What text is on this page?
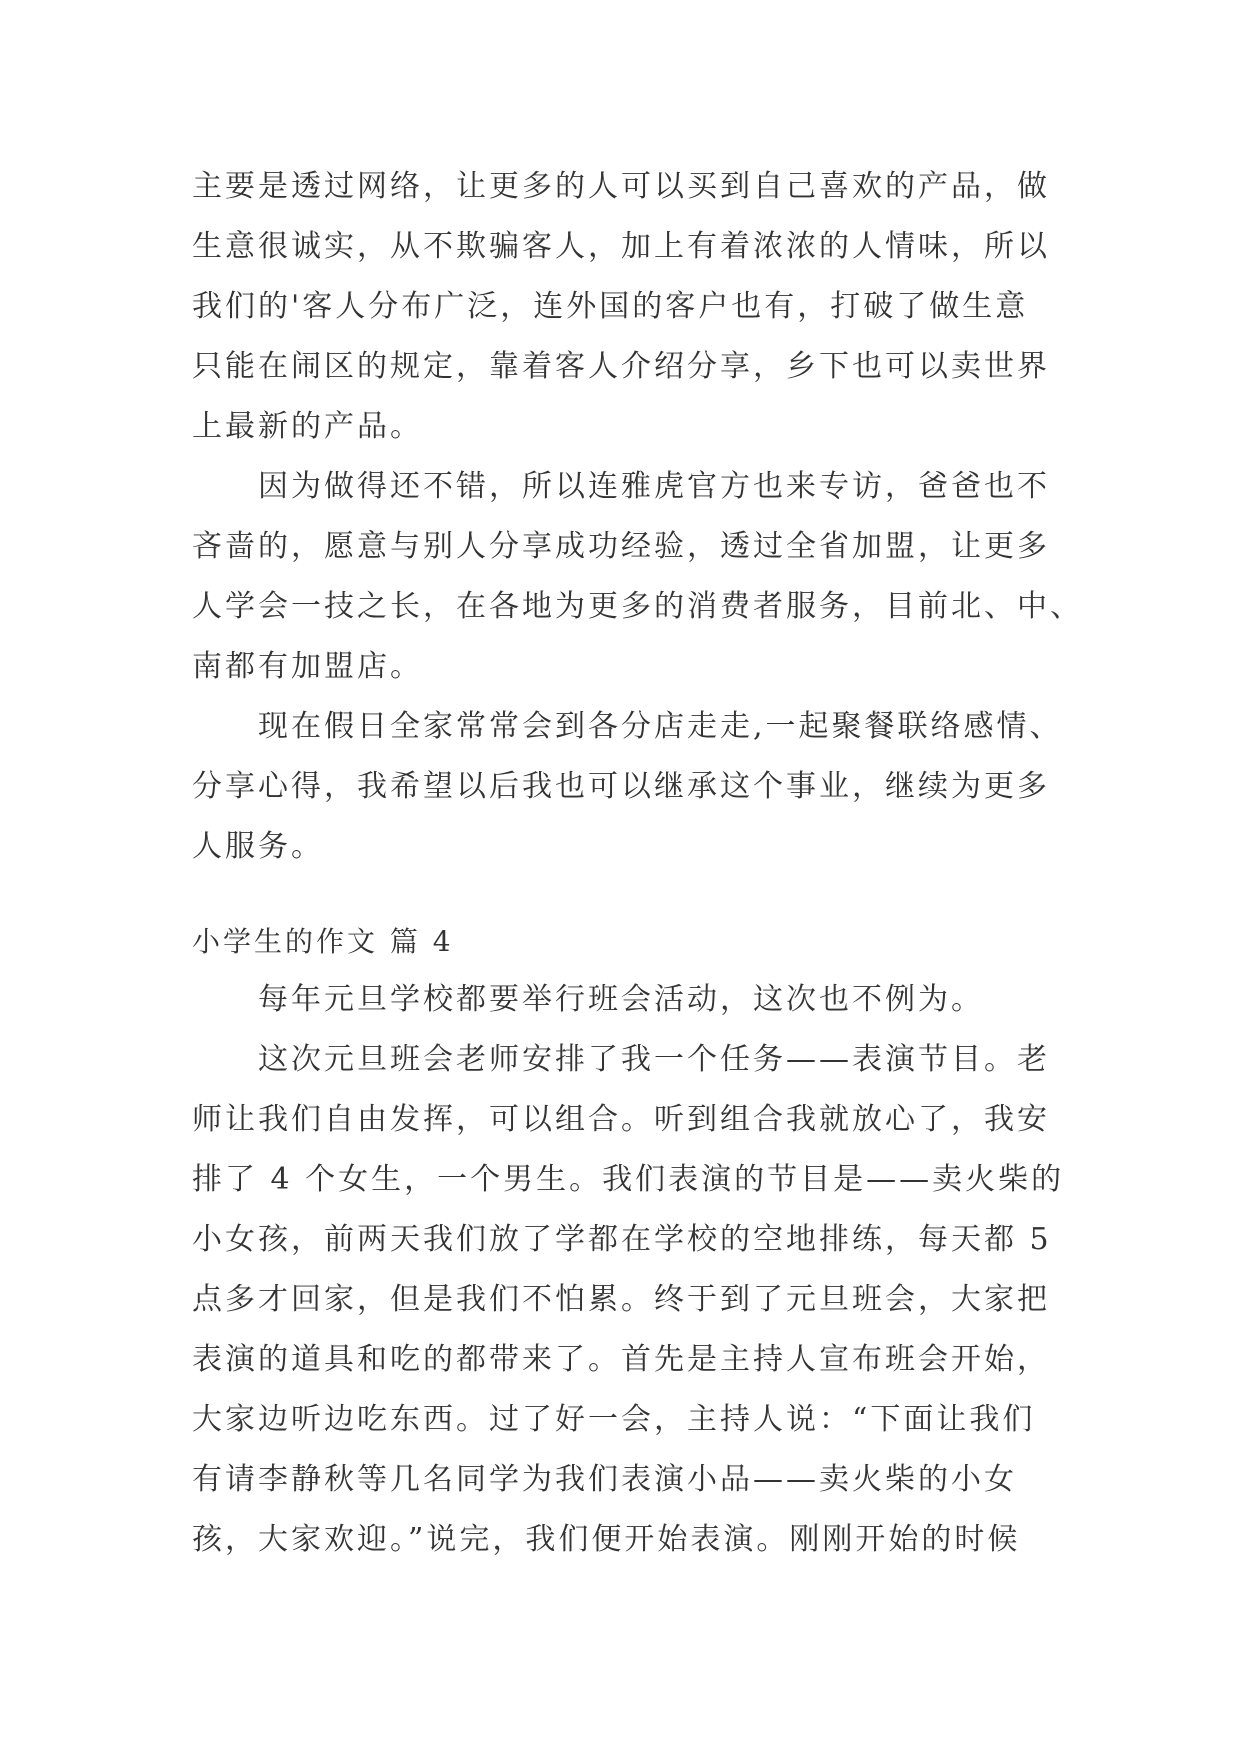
主要是透过网络，让更多的人可以买到自己喜欢的产品，做
生意很诚实，从不欺骗客人，加上有着浓浓的人情味，所以
我们的'客人分布广泛，连外国的客户也有，打破了做生意
只能在闹区的规定，靠着客人介绍分享，乡下也可以卖世界
上最新的产品。
　　因为做得还不错，所以连雅虎官方也来专访，爸爸也不
吝啬的，愿意与别人分享成功经验，透过全省加盟，让更多
人学会一技之长，在各地为更多的消费者服务，目前北、中、
南都有加盟店。
　　现在假日全家常常会到各分店走走,一起聚餐联络感情、
分享心得，我希望以后我也可以继承这个事业，继续为更多
人服务。
小学生的作文 篇 4
　　每年元旦学校都要举行班会活动，这次也不例为。
　　这次元旦班会老师安排了我一个任务——表演节目。老
师让我们自由发挥，可以组合。听到组合我就放心了，我安
排了 4 个女生，一个男生。我们表演的节目是——卖火柴的
小女孩，前两天我们放了学都在学校的空地排练，每天都 5
点多才回家，但是我们不怕累。终于到了元旦班会，大家把
表演的道具和吃的都带来了。首先是主持人宣布班会开始，
大家边听边吃东西。过了好一会，主持人说：“下面让我们
有请李静秋等几名同学为我们表演小品——卖火柴的小女
孩，大家欢迎。”说完，我们便开始表演。刚刚开始的时候
